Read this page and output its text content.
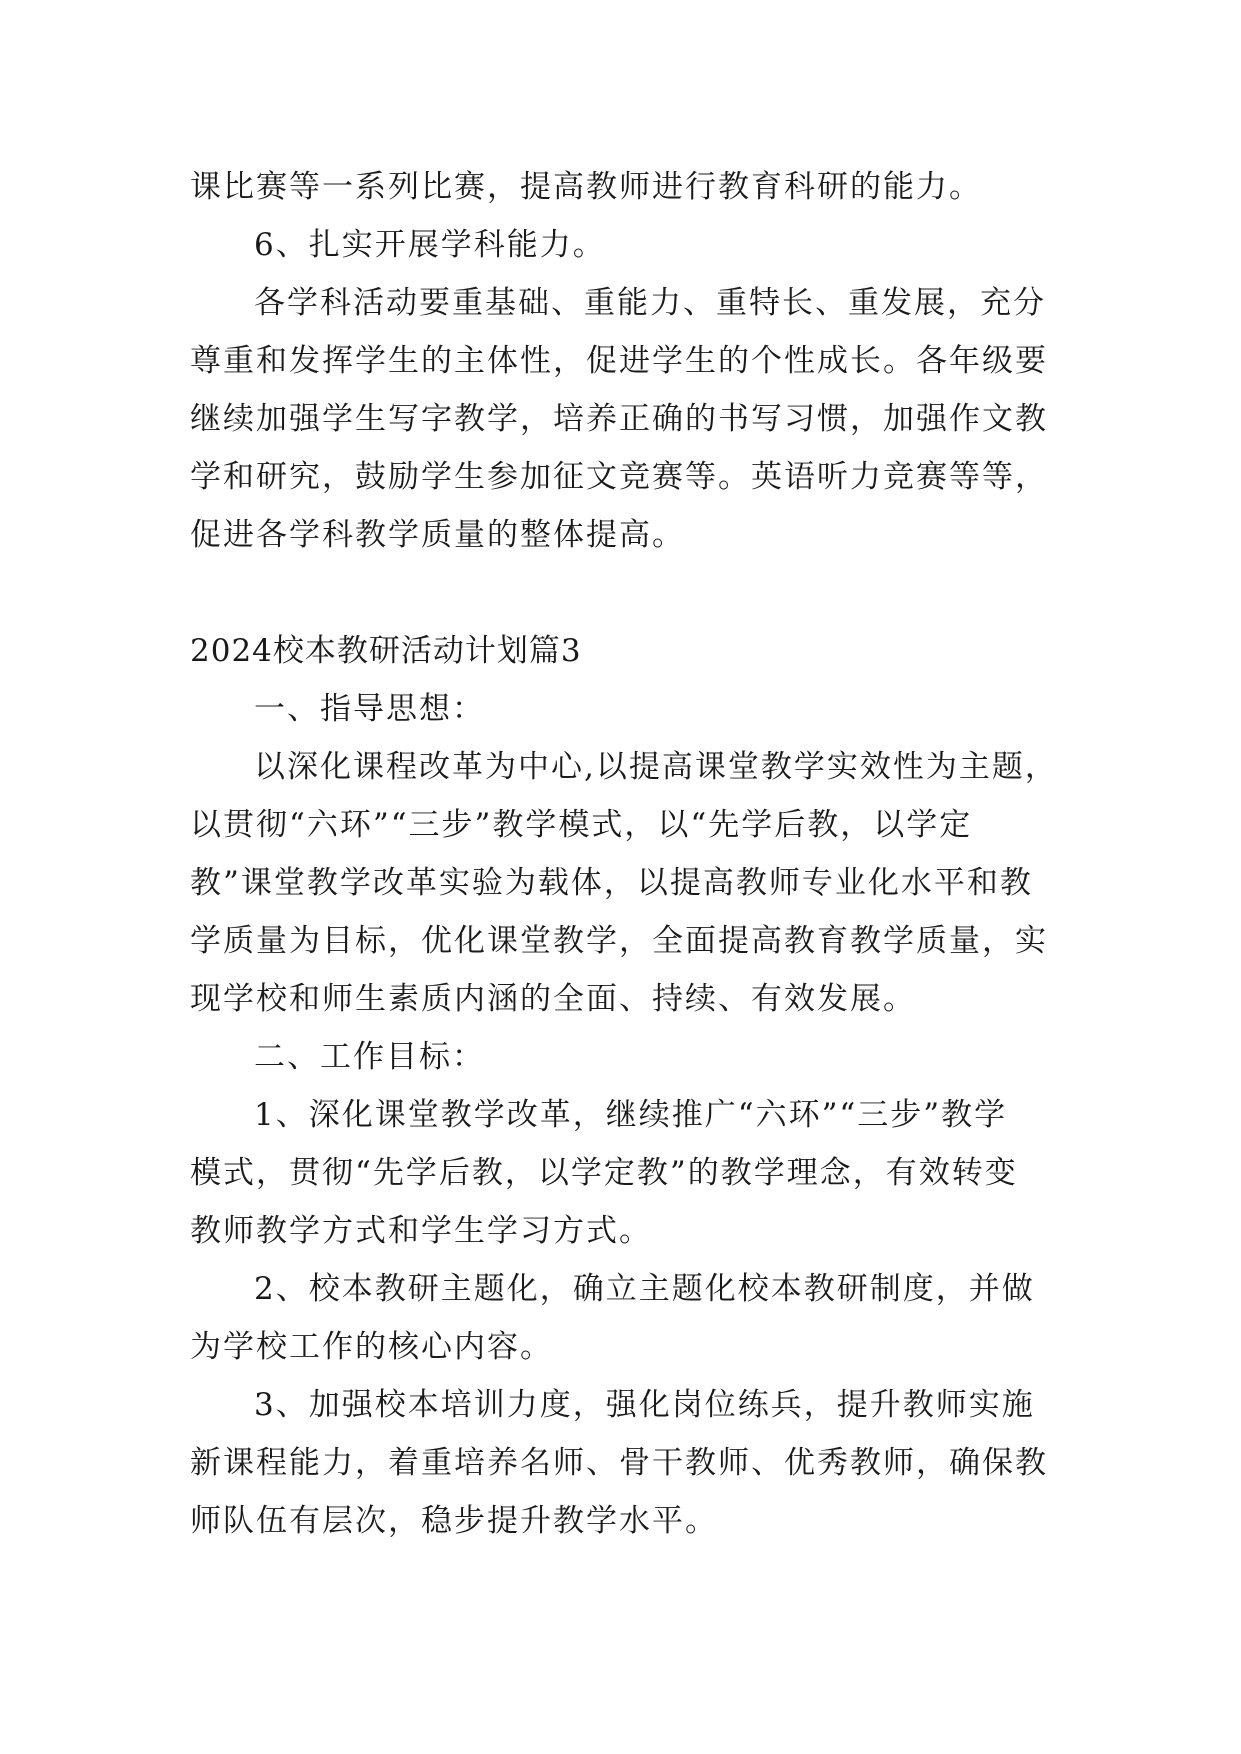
课比赛等一系列比赛，提高教师进行教育科研的能力。
6、扎实开展学科能力。
各学科活动要重基础、重能力、重特长、重发展，充分
尊重和发挥学生的主体性，促进学生的个性成长。各年级要
继续加强学生写字教学，培养正确的书写习惯，加强作文教
学和研究，鼓励学生参加征文竞赛等。英语听力竞赛等等，
促进各学科教学质量的整体提高。
2024校本教研活动计划篇3
一、指导思想：
以深化课程改革为中心,以提高课堂教学实效性为主题，
以贯彻“六环”“三步”教学模式，以“先学后教，以学定
教”课堂教学改革实验为载体，以提高教师专业化水平和教
学质量为目标，优化课堂教学，全面提高教育教学质量，实
现学校和师生素质内涵的全面、持续、有效发展。
二、工作目标：
1、深化课堂教学改革，继续推广“六环”“三步”教学
模式，贯彻“先学后教，以学定教”的教学理念，有效转变
教师教学方式和学生学习方式。
2、校本教研主题化，确立主题化校本教研制度，并做
为学校工作的核心内容。
3、加强校本培训力度，强化岗位练兵，提升教师实施
新课程能力，着重培养名师、骨干教师、优秀教师，确保教
师队伍有层次，稳步提升教学水平。
